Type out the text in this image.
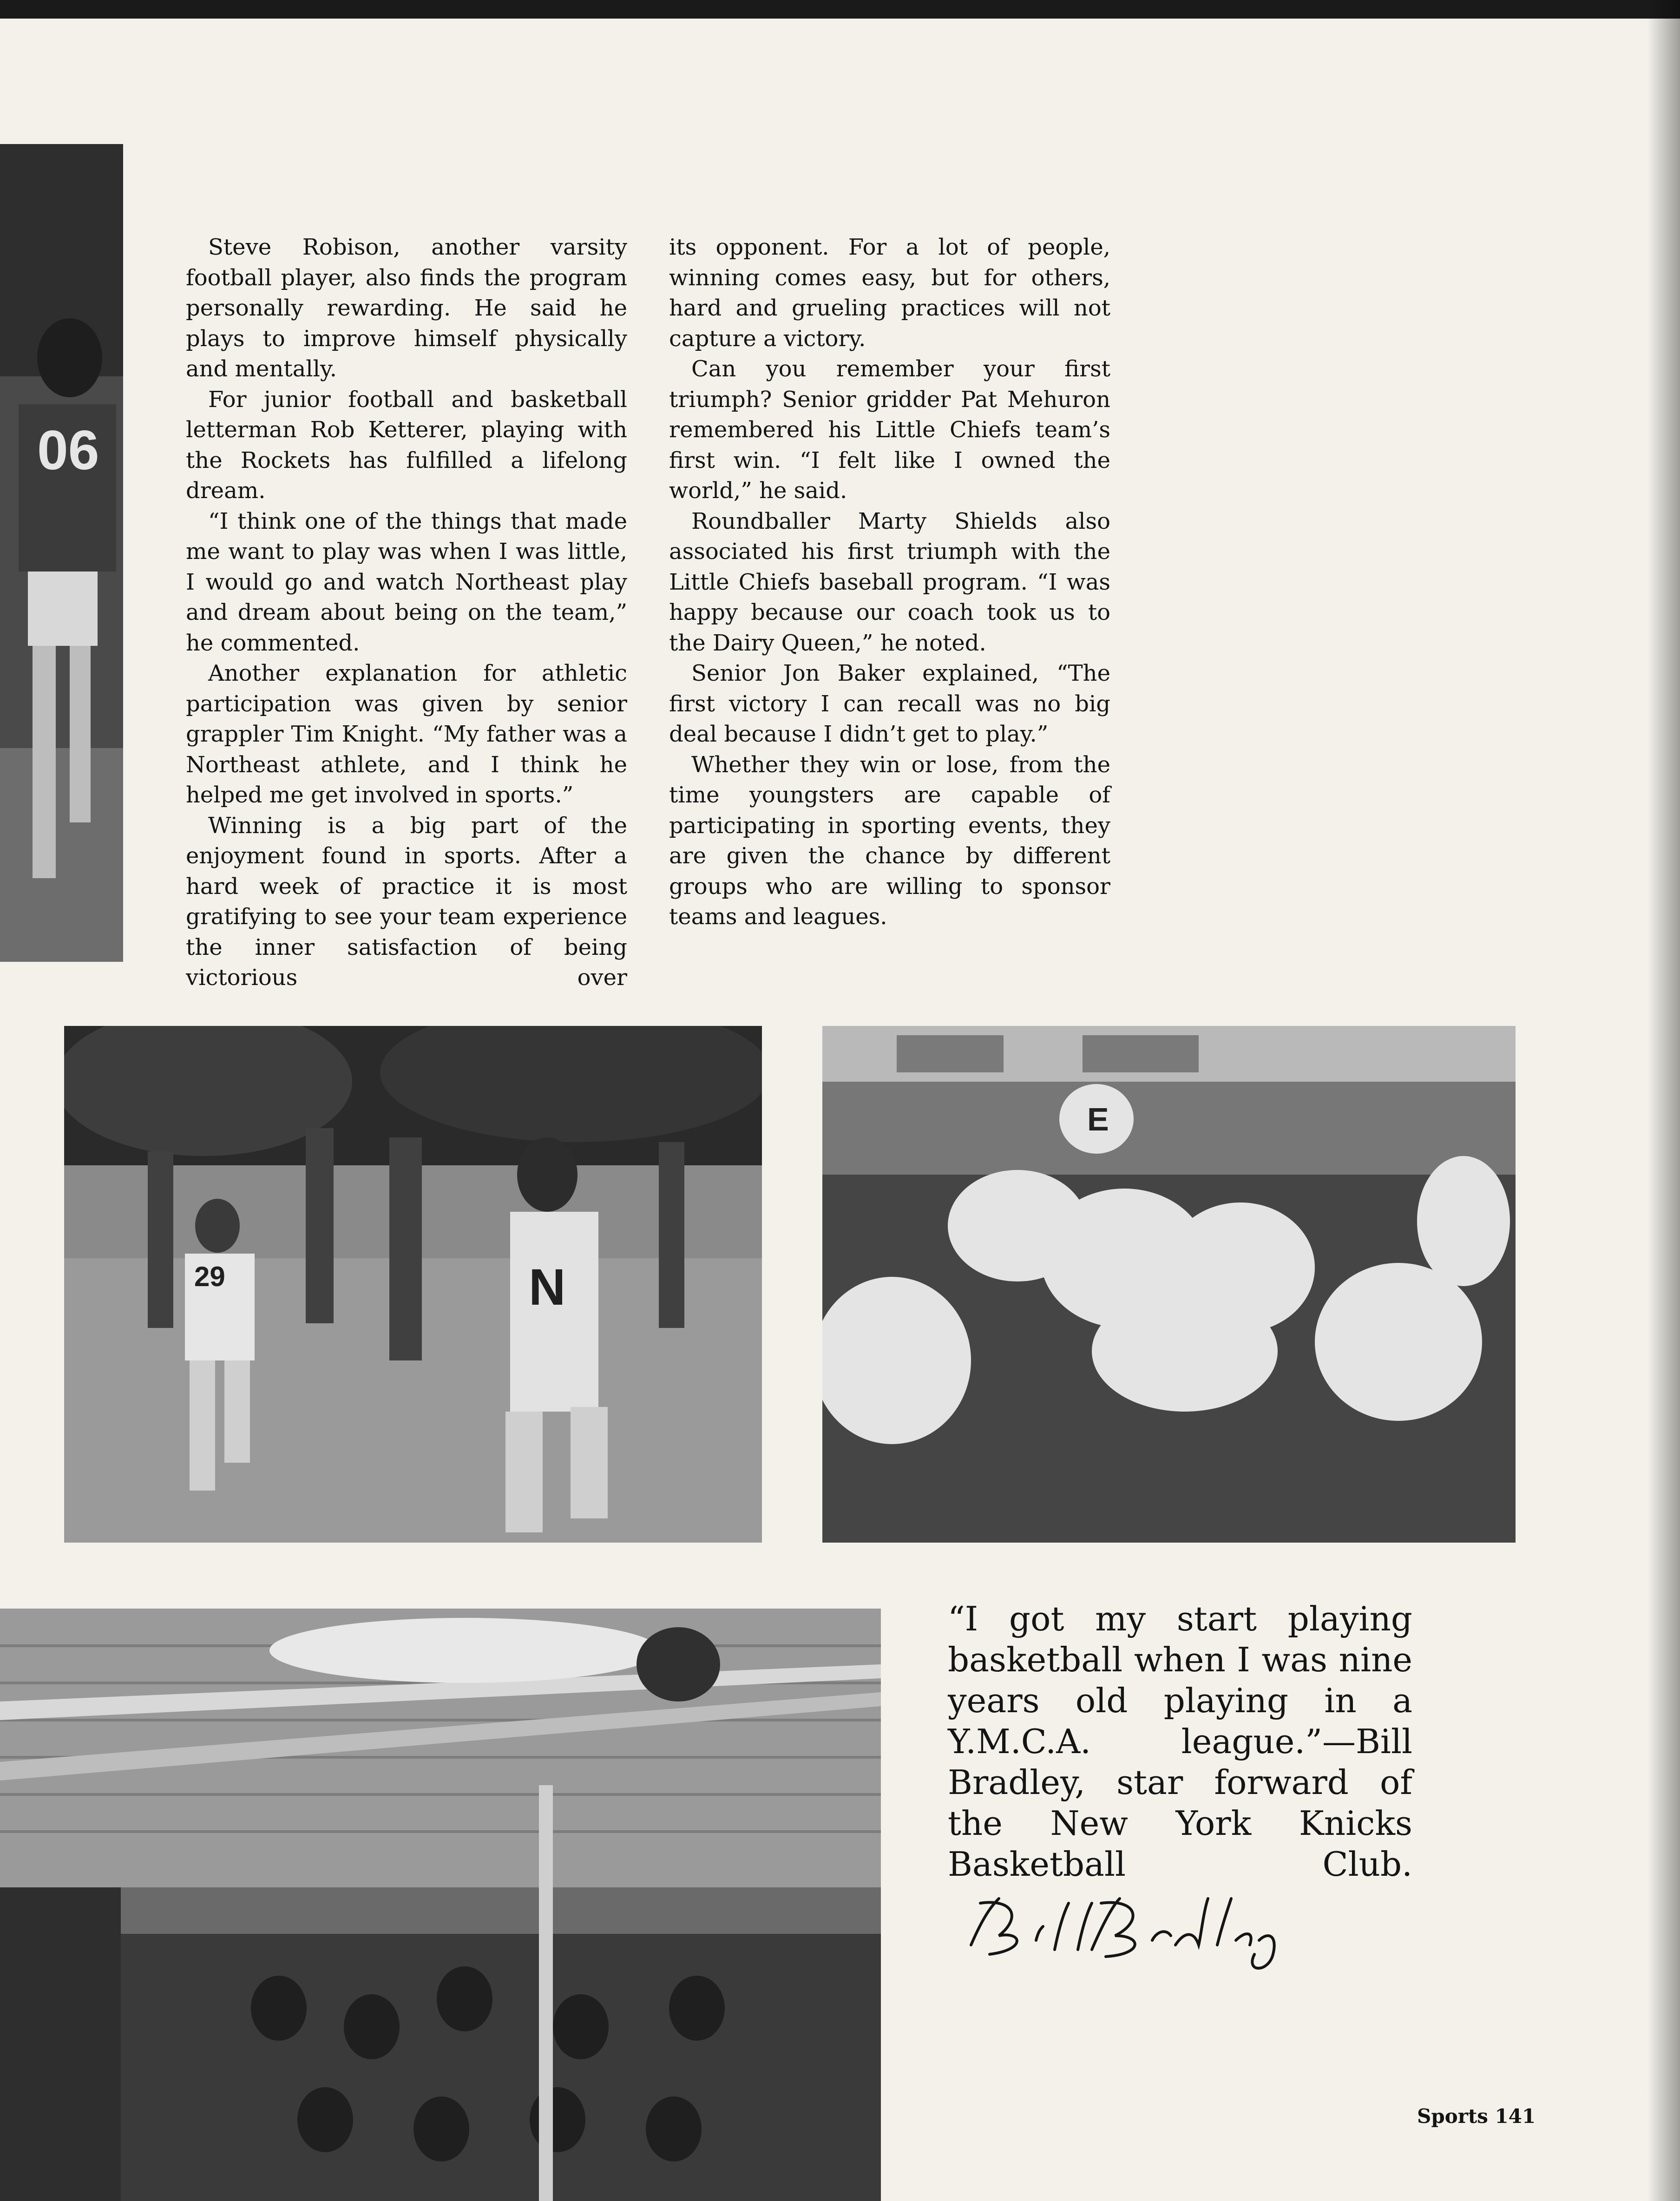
06

Steve Robison, another varsity football player, also finds the program personally rewarding. He said he plays to improve himself physically and mentally.

For junior football and basketball letterman Rob Ketterer, playing with the Rockets has fulfilled a lifelong dream.

“I think one of the things that made me want to play was when I was little, I would go and watch Northeast play and dream about being on the team,” he commented.

Another explanation for athletic participation was given by senior grappler Tim Knight. “My father was a Northeast athlete, and I think he helped me get involved in sports.”

Winning is a big part of the enjoyment found in sports. After a hard week of practice it is most gratifying to see your team experience the inner satisfaction of being victorious over

its opponent. For a lot of people, winning comes easy, but for others, hard and grueling practices will not capture a victory.

Can you remember your first triumph? Senior gridder Pat Mehuron remembered his Little Chiefs team’s first win. “I felt like I owned the world,” he said.

Roundballer Marty Shields also associated his first triumph with the Little Chiefs baseball program. “I was happy because our coach took us to the Dairy Queen,” he noted.

Senior Jon Baker explained, “The first victory I can recall was no big deal because I didn’t get to play.”

Whether they win or lose, from the time youngsters are capable of participating in sporting events, they are given the chance by different groups who are willing to sponsor teams and leagues.

N
29
E
“I got my start playing basketball when I was nine years old playing in a Y.M.C.A. league.”—Bill Bradley, star forward of the New York Knicks Basketball Club.
Sports 141
